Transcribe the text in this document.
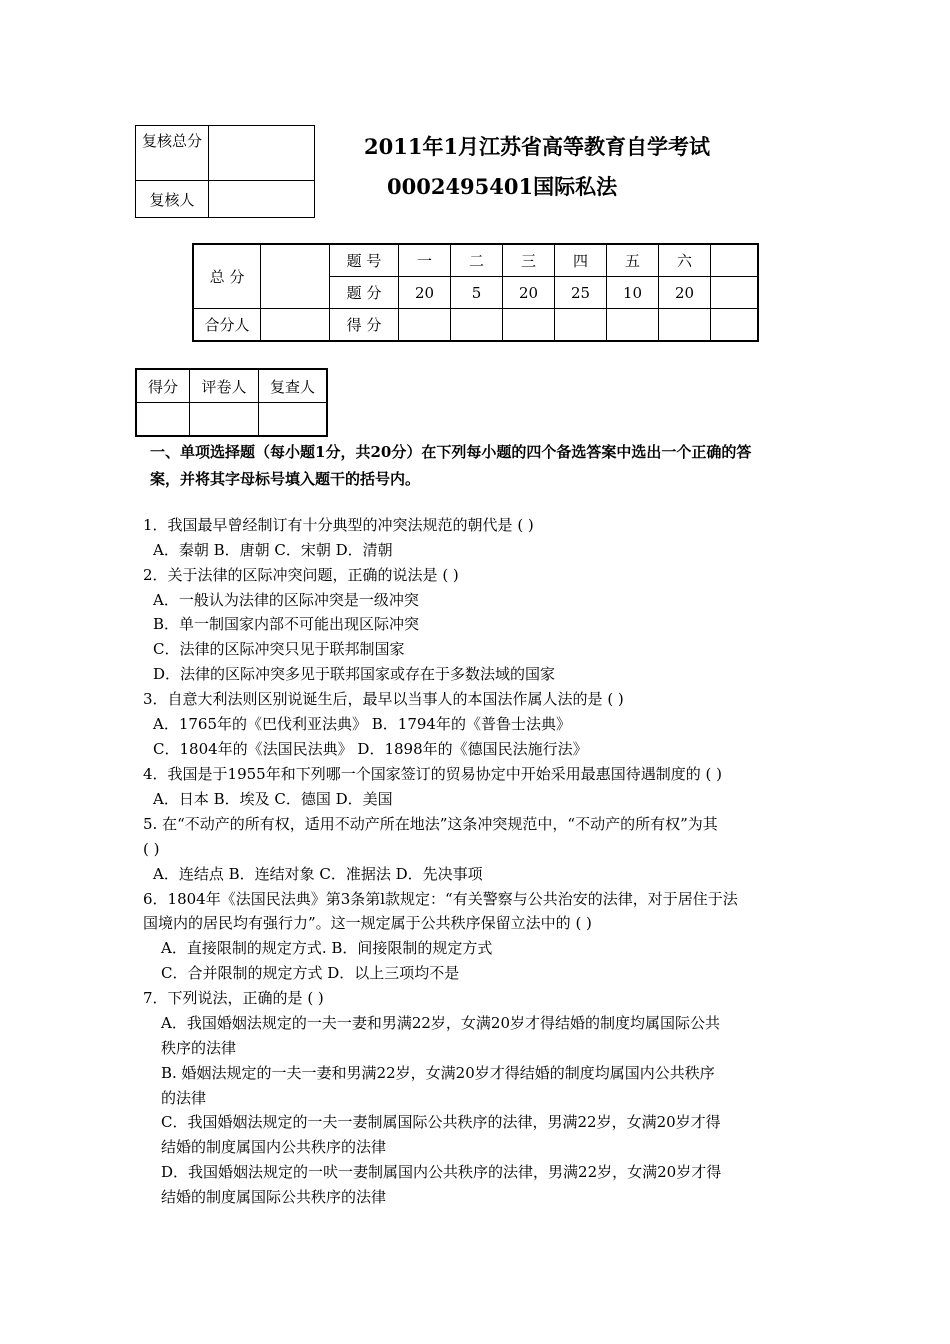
复核总分	
复核人	
2011年1月江苏省高等教育自学考试
0002495401国际私法
总 分		题 号	一	二	三	四	五	六	
		题 分	20	5	20	25	10	20	
合分人		得 分							
得分	评卷人	复查人

一、单项选择题（每小题1分，共20分）在下列每小题的四个备选答案中选出一个正确的答
案，并将其字母标号填入题干的括号内。
1．我国最早曾经制订有十分典型的冲突法规范的朝代是 ( )
A．秦朝 B．唐朝 C．宋朝 D．清朝
2．关于法律的区际冲突问题，正确的说法是 ( )
A．一般认为法律的区际冲突是一级冲突
B．单一制国家内部不可能出现区际冲突
C．法律的区际冲突只见于联邦制国家
D．法律的区际冲突多见于联邦国家或存在于多数法域的国家
3．自意大利法则区别说诞生后，最早以当事人的本国法作属人法的是 ( )
A．1765年的《巴伐利亚法典》 B．1794年的《普鲁士法典》
C．1804年的《法国民法典》 D．1898年的《德国民法施行法》
4．我国是于1955年和下列哪一个国家签订的贸易协定中开始采用最惠国待遇制度的 ( )
A．日本 B．埃及 C．德国 D．美国
5. 在“不动产的所有权，适用不动产所在地法”这条冲突规范中，“不动产的所有权”为其
( )
A．连结点 B．连结对象 C．准据法 D．先决事项
6．1804年《法国民法典》第3条第l款规定：“有关警察与公共治安的法律，对于居住于法
国境内的居民均有强行力”。这一规定属于公共秩序保留立法中的 ( )
A．直接限制的规定方式. B．间接限制的规定方式
C．合并限制的规定方式 D．以上三项均不是
7．下列说法，正确的是 ( )
A．我国婚姻法规定的一夫一妻和男满22岁，女满20岁才得结婚的制度均属国际公共
秩序的法律
B. 婚姻法规定的一夫一妻和男满22岁，女满20岁才得结婚的制度均属国内公共秩序
的法律
C．我国婚姻法规定的一夫一妻制属国际公共秩序的法律，男满22岁，女满20岁才得
结婚的制度属国内公共秩序的法律
D．我国婚姻法规定的一吠一妻制属国内公共秩序的法律，男满22岁，女满20岁才得
结婚的制度属国际公共秩序的法律
